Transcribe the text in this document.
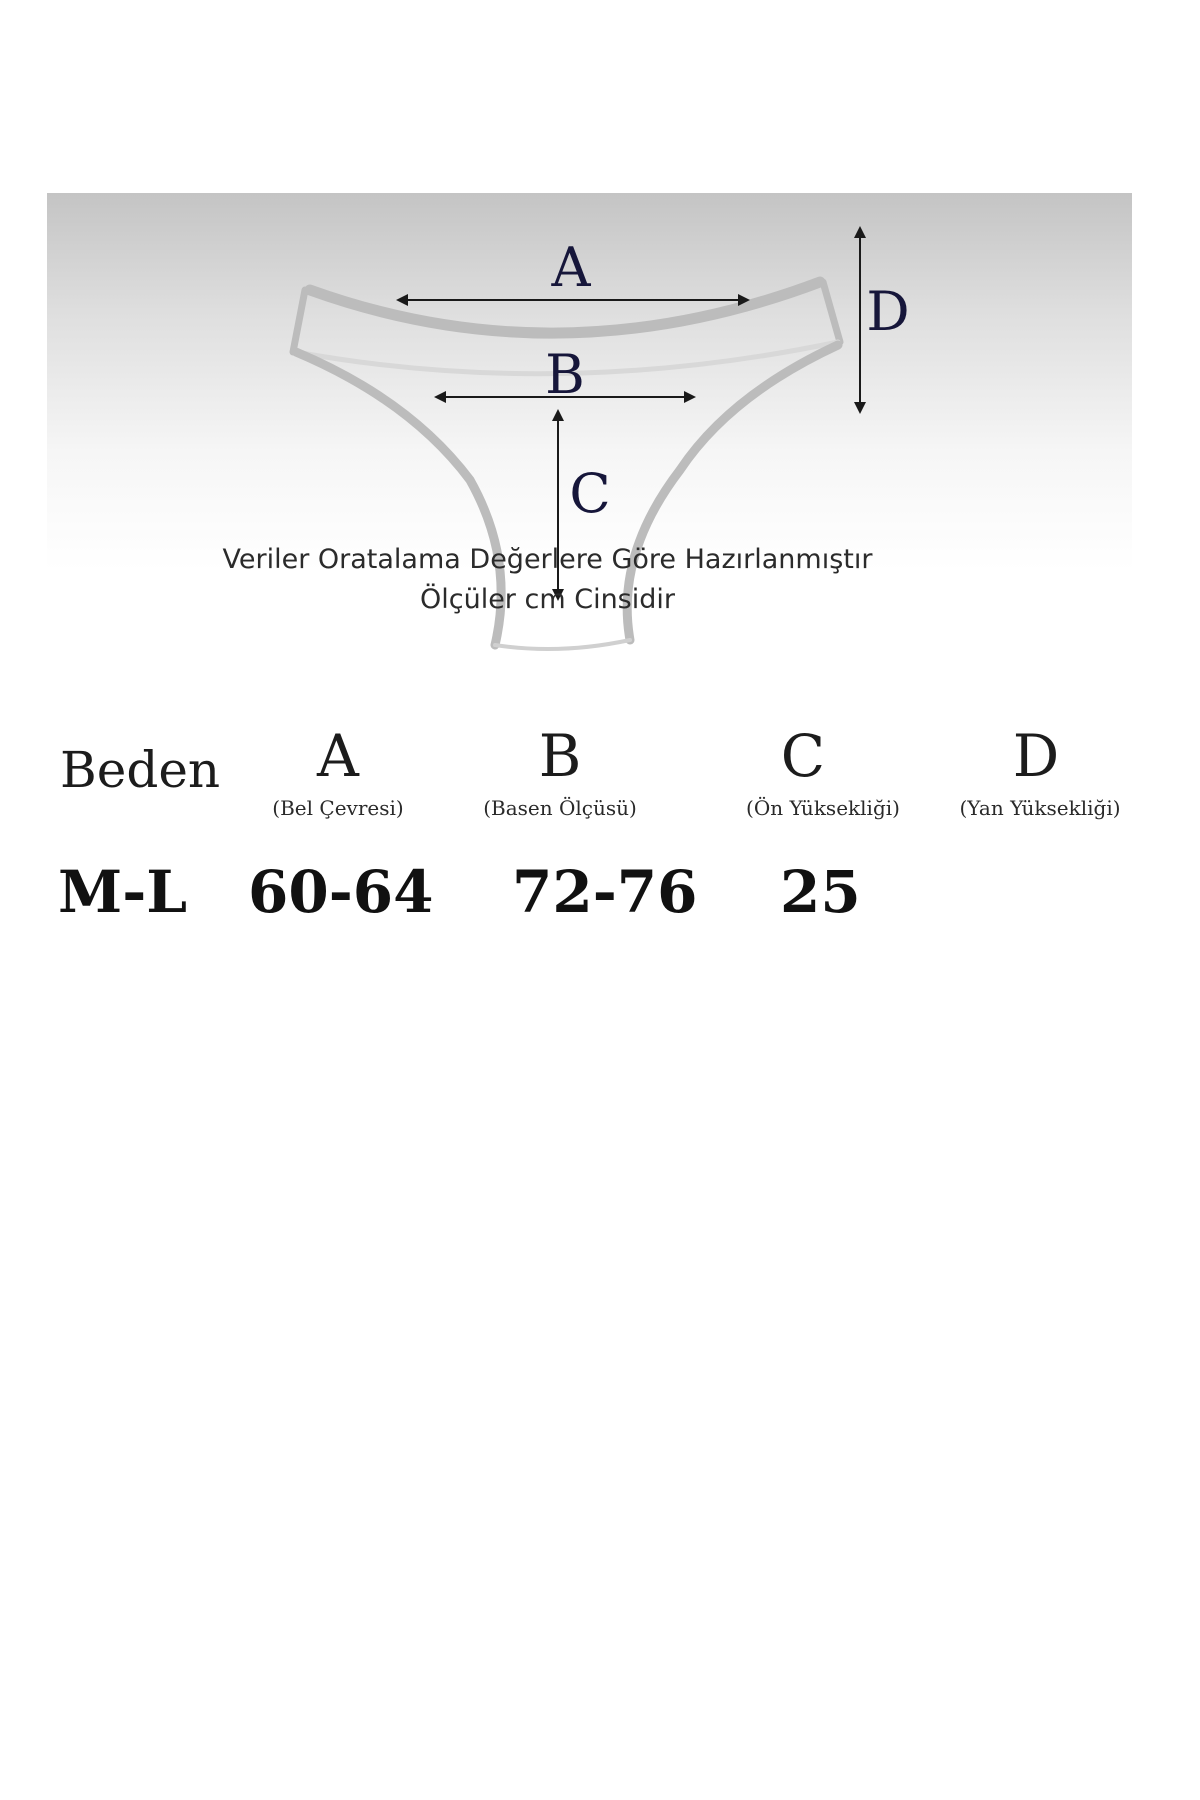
A
B
C
D
Veriler Oratalama Değerlere Göre Hazırlanmıştır
Ölçüler cm Cinsidir
Beden	A
(Bel Çevresi)
B
(Basen Ölçüsü)
C
(Ön Yüksekliği)
D
(Yan Yüksekliği)
M-L 60-64 72-76 25
